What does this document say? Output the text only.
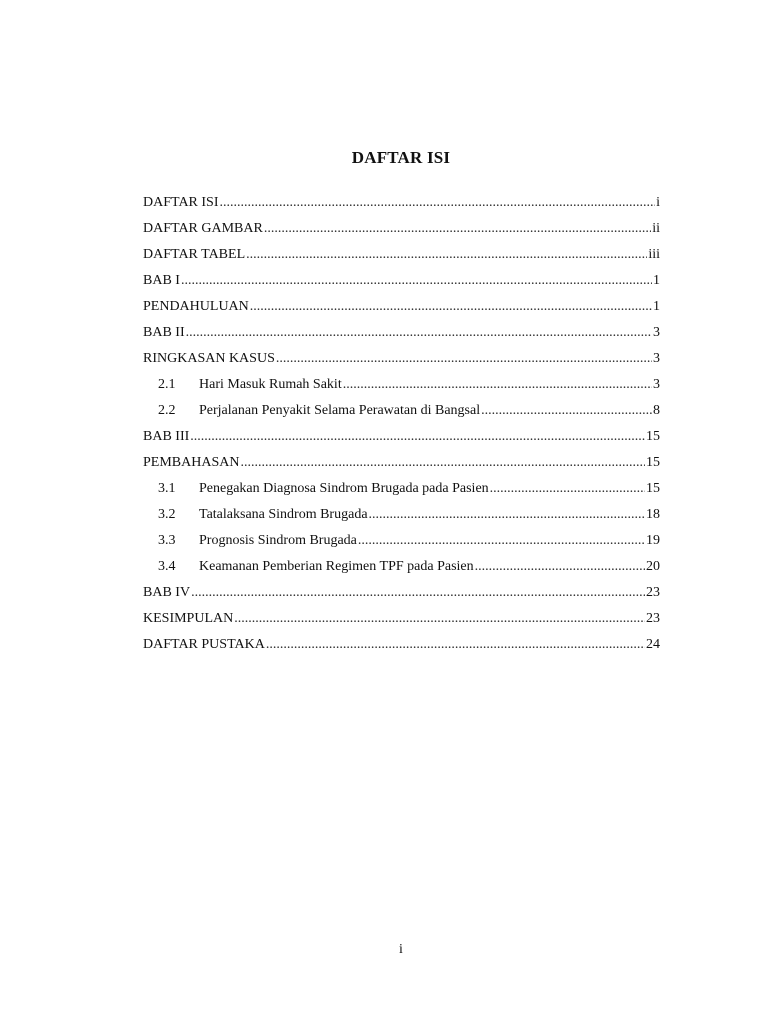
DAFTAR ISI
DAFTAR ISI .....	i
DAFTAR GAMBAR .....	ii
DAFTAR TABEL .....	iii
BAB I .....	1
PENDAHULUAN .....	1
BAB II .....	3
RINGKASAN KASUS .....	3
2.1	Hari Masuk Rumah Sakit .....	3
2.2	Perjalanan Penyakit Selama Perawatan di Bangsal .....	8
BAB III .....	15
PEMBAHASAN .....	15
3.1	Penegakan Diagnosa Sindrom Brugada pada Pasien .....	15
3.2	Tatalaksana Sindrom Brugada .....	18
3.3	Prognosis Sindrom Brugada .....	19
3.4	Keamanan Pemberian Regimen TPF pada Pasien .....	20
BAB IV .....	23
KESIMPULAN .....	23
DAFTAR PUSTAKA .....	24
i
